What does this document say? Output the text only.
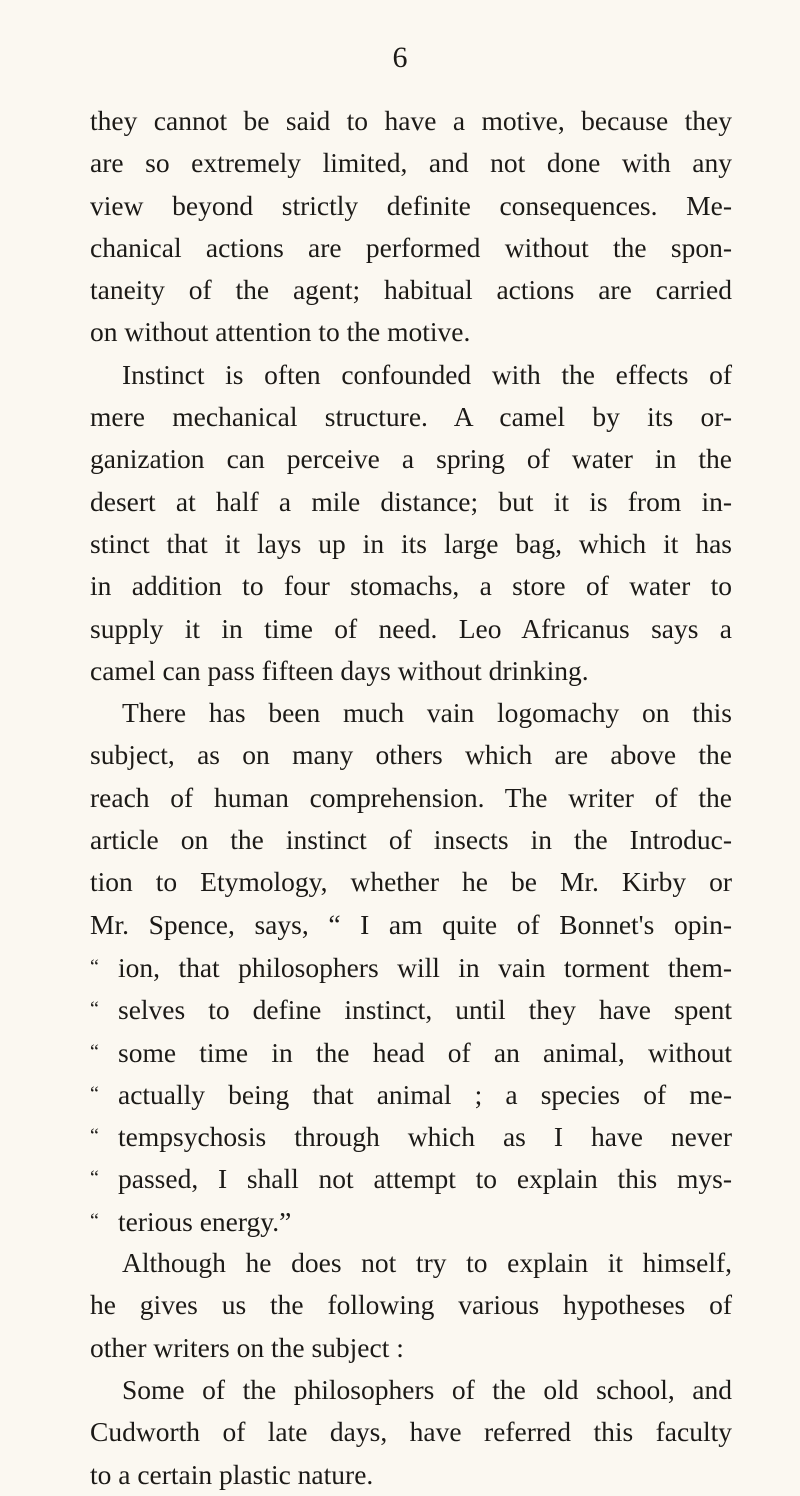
6
they cannot be said to have a motive, because they
are so extremely limited, and not done with any
view beyond strictly definite consequences. Me-
chanical actions are performed without the spon-
taneity of the agent; habitual actions are carried
on without attention to the motive.
Instinct is often confounded with the effects of
mere mechanical structure. A camel by its or-
ganization can perceive a spring of water in the
desert at half a mile distance; but it is from in-
stinct that it lays up in its large bag, which it has
in addition to four stomachs, a store of water to
supply it in time of need. Leo Africanus says a
camel can pass fifteen days without drinking.
There has been much vain logomachy on this
subject, as on many others which are above the
reach of human comprehension. The writer of the
article on the instinct of insects in the Introduc-
tion to Etymology, whether he be Mr. Kirby or
Mr. Spence, says, “ I am quite of Bonnet's opin-
“ ion, that philosophers will in vain torment them-
“ selves to define instinct, until they have spent
“ some time in the head of an animal, without
“ actually being that animal ; a species of me-
“ tempsychosis through which as I have never
“ passed, I shall not attempt to explain this mys-
“ terious energy.”
Although he does not try to explain it himself,
he gives us the following various hypotheses of
other writers on the subject :
Some of the philosophers of the old school, and
Cudworth of late days, have referred this faculty
to a certain plastic nature.
